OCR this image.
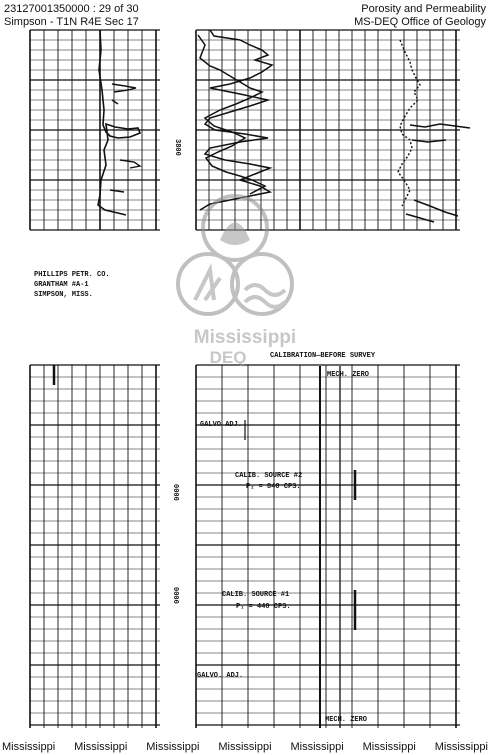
23127001350000 : 29 of 30
Simpson - T1N R4E Sec 17
Porosity and Permeability
MS-DEQ Office of Geology
3800
PHILLIPS PETR. CO.
GRANTHAM #A-1
SIMPSON, MISS.
CALIBRATION—BEFORE SURVEY
MECH. ZERO
GALVO ADJ.
CALIB. SOURCE #2
P₂ = 840 CPS.
CALIB. SOURCE #1
P₁ = 440 CPS.
GALVO. ADJ.
MECH. ZERO
0000
0000
Mississippi
DEQ
Mississippi Mississippi Mississippi Mississippi Mississippi Mississippi Mississippi
